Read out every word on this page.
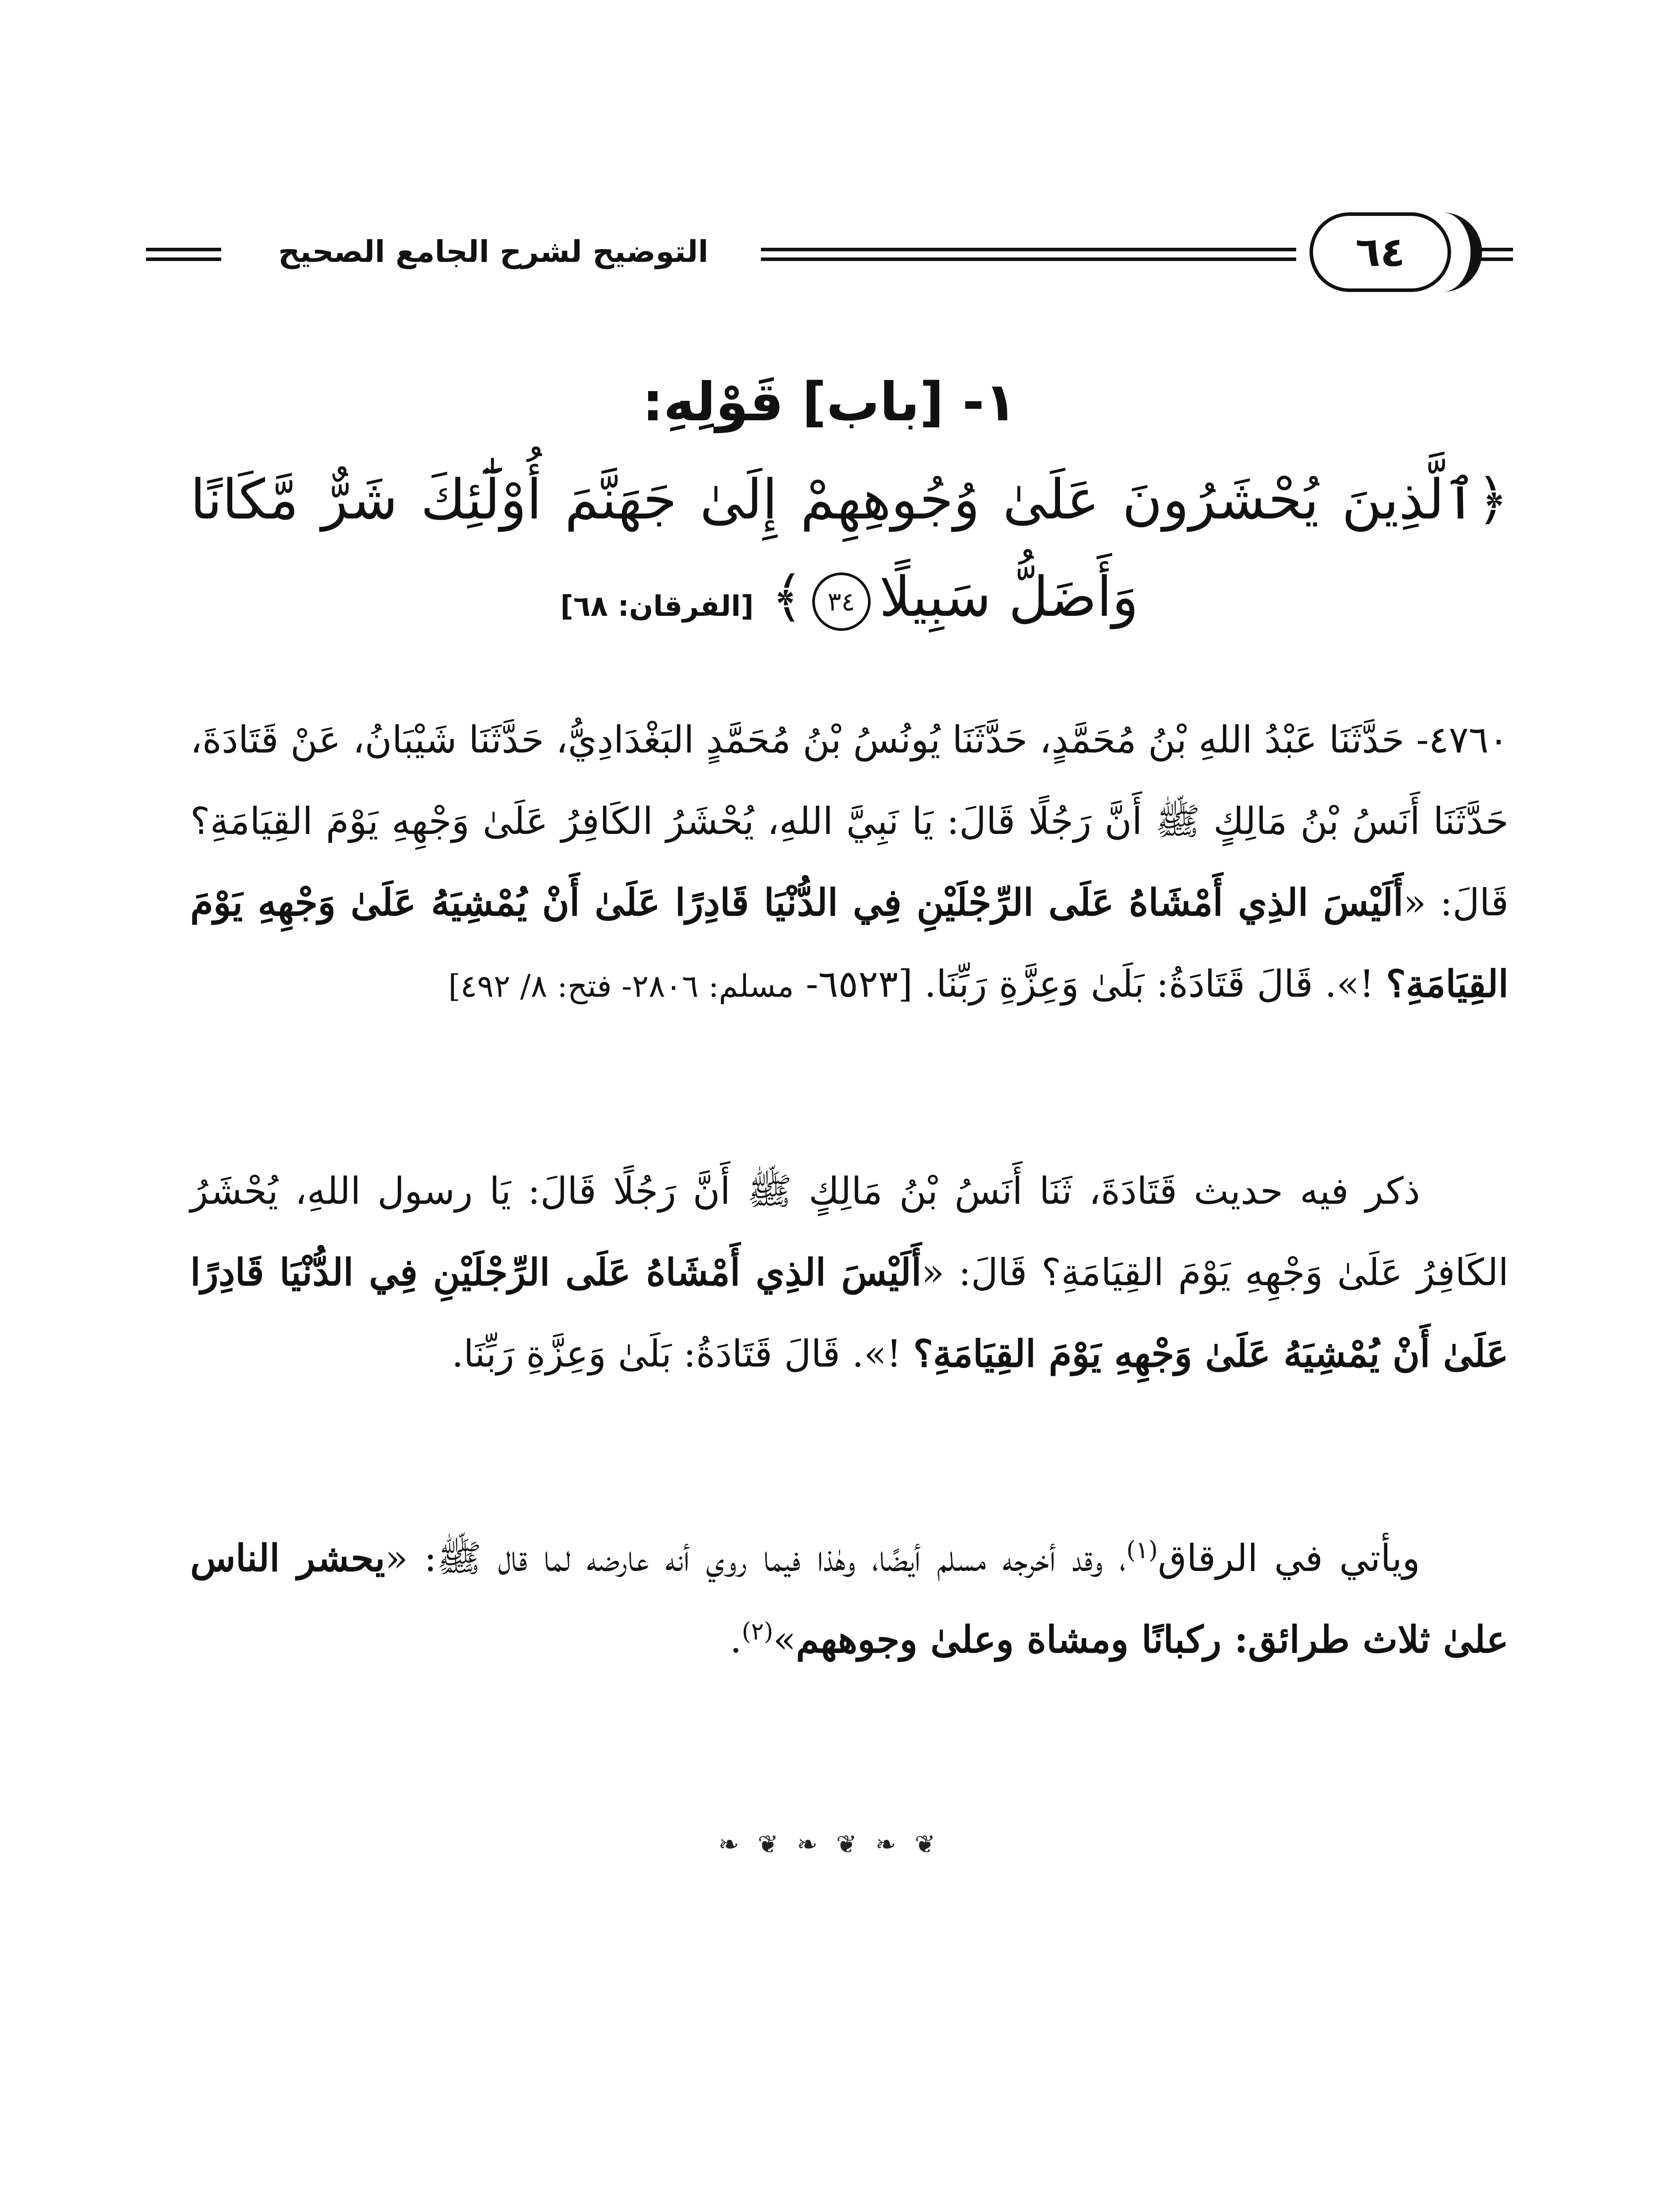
التوضيح لشرح الجامع الصحيح	٦٤
١- [باب] قَوْلِهِ:
﴿ٱلَّذِينَ يُحْشَرُونَ عَلَىٰ وُجُوهِهِمْ إِلَىٰ جَهَنَّمَ أُوْلَٰٓئِكَ شَرٌّ مَّكَانًا
وَأَضَلُّ سَبِيلًا٣٤﴾ [الفرقان: ٦٨]
٤٧٦٠- حَدَّثَنَا عَبْدُ اللهِ بْنُ مُحَمَّدٍ، حَدَّثَنَا يُونُسُ بْنُ مُحَمَّدٍ البَغْدَادِيُّ، حَدَّثَنَا شَيْبَانُ، عَنْ قَتَادَةَ، حَدَّثَنَا أَنَسُ بْنُ مَالِكٍ ﷺ أَنَّ رَجُلًا قَالَ: يَا نَبِيَّ اللهِ، يُحْشَرُ الكَافِرُ عَلَىٰ وَجْهِهِ يَوْمَ القِيَامَةِ؟ قَالَ: «أَلَيْسَ الذِي أَمْشَاهُ عَلَى الرِّجْلَيْنِ فِي الدُّنْيَا قَادِرًا عَلَىٰ أَنْ يُمْشِيَهُ عَلَىٰ وَجْهِهِ يَوْمَ القِيَامَةِ؟ !». قَالَ قَتَادَةُ: بَلَىٰ وَعِزَّةِ رَبِّنَا. [٦٥٢٣- مسلم: ٢٨٠٦- فتح: ٨/ ٤٩٢]
ذكر فيه حديث قَتَادَةَ، ثَنَا أَنَسُ بْنُ مَالِكٍ ﷺ أَنَّ رَجُلًا قَالَ: يَا رسول اللهِ، يُحْشَرُ الكَافِرُ عَلَىٰ وَجْهِهِ يَوْمَ القِيَامَةِ؟ قَالَ: «أَلَيْسَ الذِي أَمْشَاهُ عَلَى الرِّجْلَيْنِ فِي الدُّنْيَا قَادِرًا عَلَىٰ أَنْ يُمْشِيَهُ عَلَىٰ وَجْهِهِ يَوْمَ القِيَامَةِ؟ !». قَالَ قَتَادَةُ: بَلَىٰ وَعِزَّةِ رَبِّنَا.
ويأتي في الرقاق$^{(١)}$، وقد أخرجه مسلم أيضًا، وهٰذا فيما روي أنه عارضه لما قال ﷺ: «يحشر الناس علىٰ ثلاث طرائق: ركبانًا ومشاة وعلىٰ وجوههم»$^{(٢)}$.
❧ ❦ ❧ ❦ ❧ ❦
